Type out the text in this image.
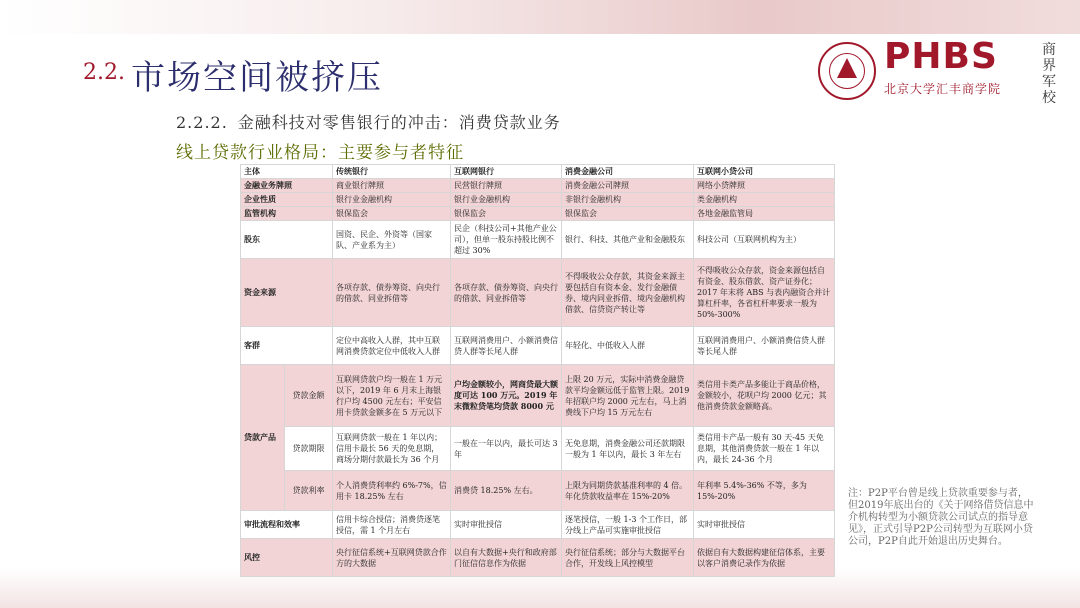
2.2. 市场空间被挤压
2.2.2. 金融科技对零售银行的冲击：消费贷款业务
线上贷款行业格局：主要参与者特征
PHBS
北京大学汇丰商学院
商界军校
主体		传统银行	互联网银行	消费金融公司	互联网小贷公司
金融业务牌照		商业银行牌照	民营银行牌照	消费金融公司牌照	网络小贷牌照
企业性质		银行业金融机构	银行业金融机构	非银行金融机构	类金融机构
监管机构		银保监会	银保监会	银保监会	各地金融监管局
股东		国资、民企、外资等（国家队、产业系为主）	民企（科技公司+其他产业公司），但单一股东持股比例不超过 30%	银行、科技、其他产业和金融股东	科技公司（互联网机构为主）
资金来源		各项存款、债券筹资、向央行的借款、同业拆借等	各项存款、债券筹资、向央行的借款、同业拆借等	不得吸收公众存款，其资金来源主要包括自有资本金、发行金融债券、境内同业拆借、境内金融机构借款、信贷资产转让等	不得吸收公众存款，资金来源包括自有资金、股东借款、资产证券化；2017 年末将 ABS 与表内融资合并计算杠杆率，各省杠杆率要求一般为 50%-300%
客群		定位中高收入人群，其中互联网消费贷款定位中低收入人群	互联网消费用户、小额消费信贷人群等长尾人群	年轻化、中低收入人群	互联网消费用户、小额消费信贷人群等长尾人群
贷款产品	贷款金额	互联网贷款户均一般在 1 万元以下，2019 年 6 月末上海银行户均 4500 元左右；平安信用卡贷款金额多在 5 万元以下	户均金额较小，网商贷最大额度可达 100 万元。2019 年末微粒贷笔均贷款 8000 元	上限 20 万元，实际中消费金融贷款平均金额远低于监管上限。2019 年招联户均 2000 元左右，马上消费线下户均 15 万元左右	类信用卡类产品多能让于商品价格，金额较小，花呗户均 2000 亿元；其他消费贷款金额略高。
	贷款期限	互联网贷款一般在 1 年以内；信用卡最长 56 天的免息期，商场分期付款最长为 36 个月	一般在一年以内，最长可达 3 年	无免息期，消费金融公司还款期限一般为 1 年以内，最长 3 年左右	类信用卡产品一般有 30 天-45 天免息期，其他消费贷款一般在 1 年以内，最长 24-36 个月
	贷款利率	个人消费贷利率约 6%-7%，信用卡 18.25% 左右	消费贷 18.25% 左右。	上限为同期贷款基准利率的 4 倍。年化贷款收益率在 15%-20%	年利率 5.4%-36% 不等，多为 15%-20%
审批流程和效率		信用卡综合授信；消费贷逐笔授信，需 1 个月左右	实时审批授信	逐笔授信，一般 1-3 个工作日，部分线上产品可实施审批授信	实时审批授信
风控		央行征信系统+互联网贷款合作方的大数据	以自有大数据+央行和政府部门征信信息作为依据	央行征信系统；部分与大数据平台合作，开发线上风控模型	依据自有大数据构建征信体系，主要以客户消费记录作为依据
注：P2P平台曾是线上贷款重要参与者，但2019年底出台的《关于网络借贷信息中介机构转型为小额贷款公司试点的指导意见》，正式引导P2P公司转型为互联网小贷公司，P2P自此开始退出历史舞台。
